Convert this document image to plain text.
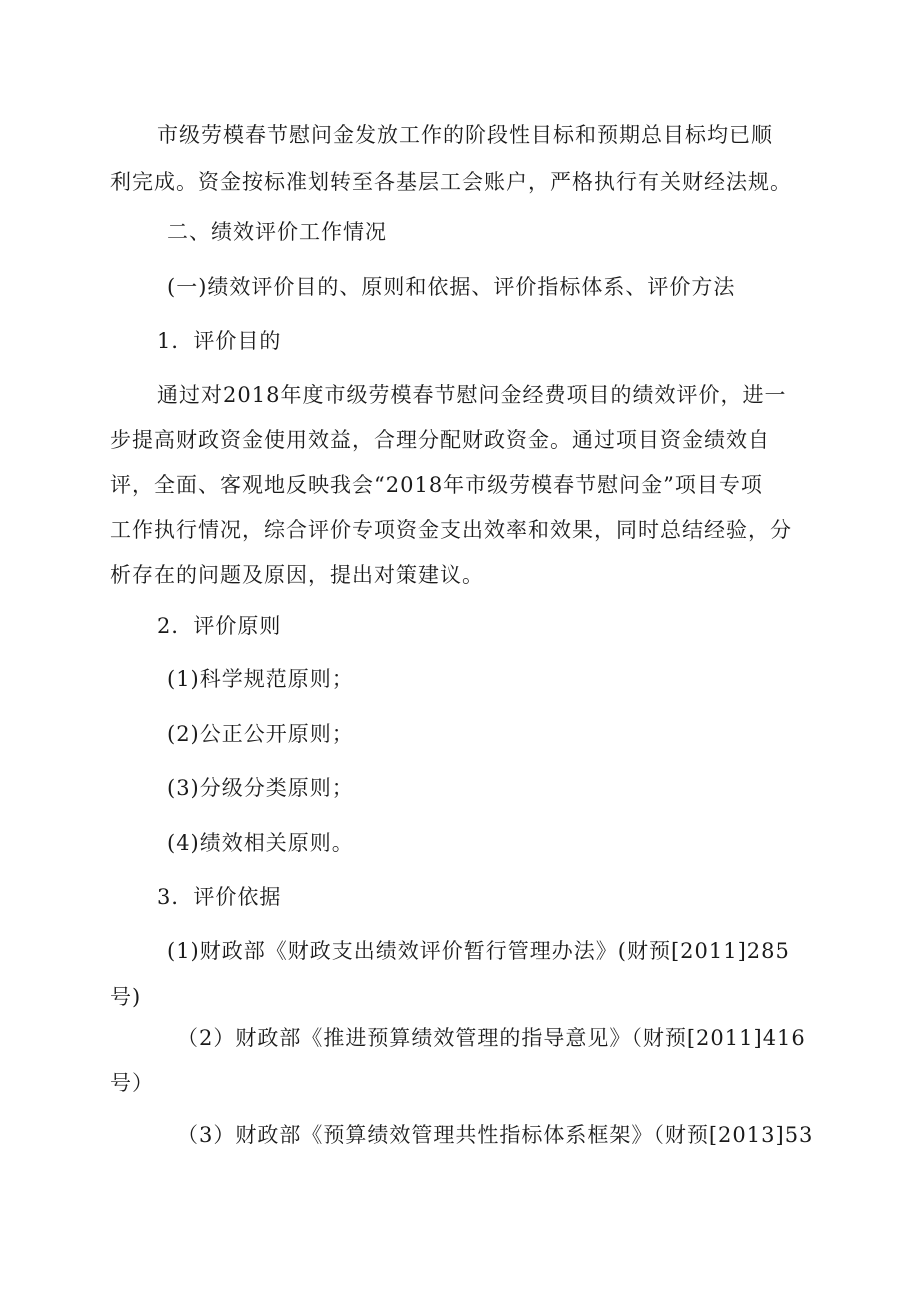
市级劳模春节慰问金发放工作的阶段性目标和预期总目标均已顺

利完成。资金按标准划转至各基层工会账户，严格执行有关财经法规。

二、绩效评价工作情况

(一)绩效评价目的、原则和依据、评价指标体系、评价方法

1．评价目的

通过对2018年度市级劳模春节慰问金经费项目的绩效评价，进一

步提高财政资金使用效益，合理分配财政资金。通过项目资金绩效自

评，全面、客观地反映我会“2018年市级劳模春节慰问金”项目专项

工作执行情况，综合评价专项资金支出效率和效果，同时总结经验，分

析存在的问题及原因，提出对策建议。

2．评价原则

(1)科学规范原则；

(2)公正公开原则；

(3)分级分类原则；

(4)绩效相关原则。

3．评价依据

(1)财政部《财政支出绩效评价暂行管理办法》(财预[2011]285

号)

（2）财政部《推进预算绩效管理的指导意见》（财预[2011]416

号）

（3）财政部《预算绩效管理共性指标体系框架》（财预[2013]53
